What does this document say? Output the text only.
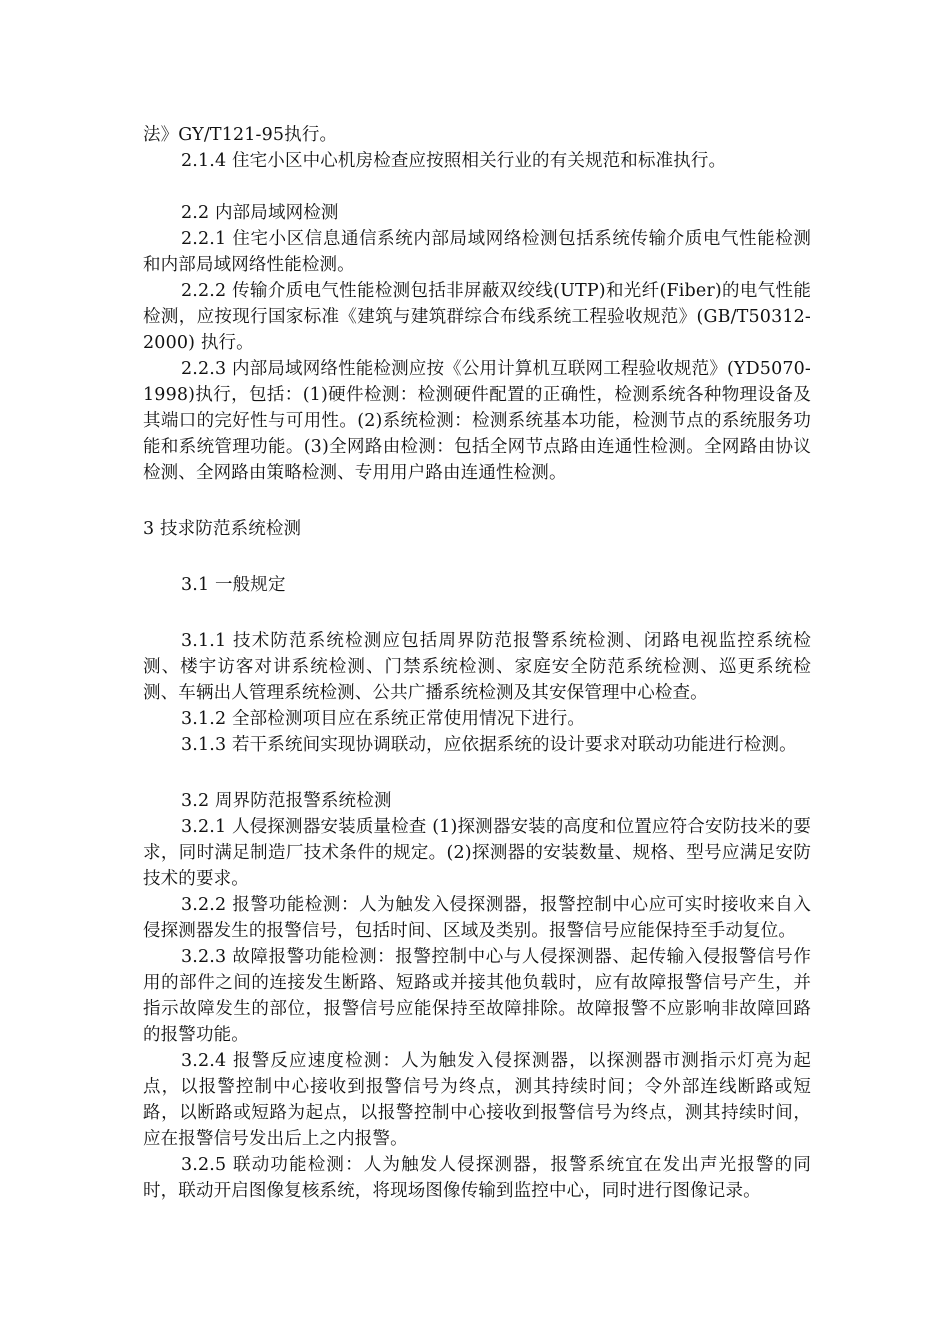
法》GY/T121-95执行。

2.1.4 住宅小区中心机房检查应按照相关行业的有关规范和标准执行。

2.2 内部局域网检测

2.2.1 住宅小区信息通信系统内部局域网络检测包括系统传输介质电气性能检测和内部局域网络性能检测。

2.2.2 传输介质电气性能检测包括非屏蔽双绞线(UTP)和光纤(Fiber)的电气性能检测，应按现行国家标准《建筑与建筑群综合布线系统工程验收规范》(GB/T50312-2000) 执行。

2.2.3 内部局域网络性能检测应按《公用计算机互联网工程验收规范》(YD5070-1998)执行，包括：(1)硬件检测：检测硬件配置的正确性，检测系统各种物理设备及其端口的完好性与可用性。(2)系统检测：检测系统基本功能，检测节点的系统服务功能和系统管理功能。(3)全网路由检测：包括全网节点路由连通性检测。全网路由协议检测、全网路由策略检测、专用用户路由连通性检测。

3 技求防范系统检测

3.1 一般规定

3.1.1 技术防范系统检测应包括周界防范报警系统检测、闭路电视监控系统检测、楼宇访客对讲系统检测、门禁系统检测、家庭安全防范系统检测、巡更系统检测、车辆出人管理系统检测、公共广播系统检测及其安保管理中心检查。

3.1.2 全部检测项目应在系统正常使用情况下进行。

3.1.3 若干系统间实现协调联动，应依据系统的设计要求对联动功能进行检测。

3.2 周界防范报警系统检测

3.2.1 人侵探测器安装质量检查 (1)探测器安装的高度和位置应符合安防技米的要求，同时满足制造厂技术条件的规定。(2)探测器的安装数量、规格、型号应满足安防技术的要求。

3.2.2 报警功能检测：人为触发入侵探测器，报警控制中心应可实时接收来自入侵探测器发生的报警信号，包括时间、区域及类别。报警信号应能保持至手动复位。

3.2.3 故障报警功能检测：报警控制中心与人侵探测器、起传输入侵报警信号作用的部件之间的连接发生断路、短路或并接其他负载时，应有故障报警信号产生，并指示故障发生的部位，报警信号应能保持至故障排除。故障报警不应影响非故障回路的报警功能。

3.2.4 报警反应速度检测：人为触发入侵探测器，以探测器市测指示灯亮为起点，以报警控制中心接收到报警信号为终点，测其持续时间；令外部连线断路或短路，以断路或短路为起点，以报警控制中心接收到报警信号为终点，测其持续时间，应在报警信号发出后上之内报警。

3.2.5 联动功能检测：人为触发人侵探测器，报警系统宜在发出声光报警的同时，联动开启图像复核系统，将现场图像传输到监控中心，同时进行图像记录。
